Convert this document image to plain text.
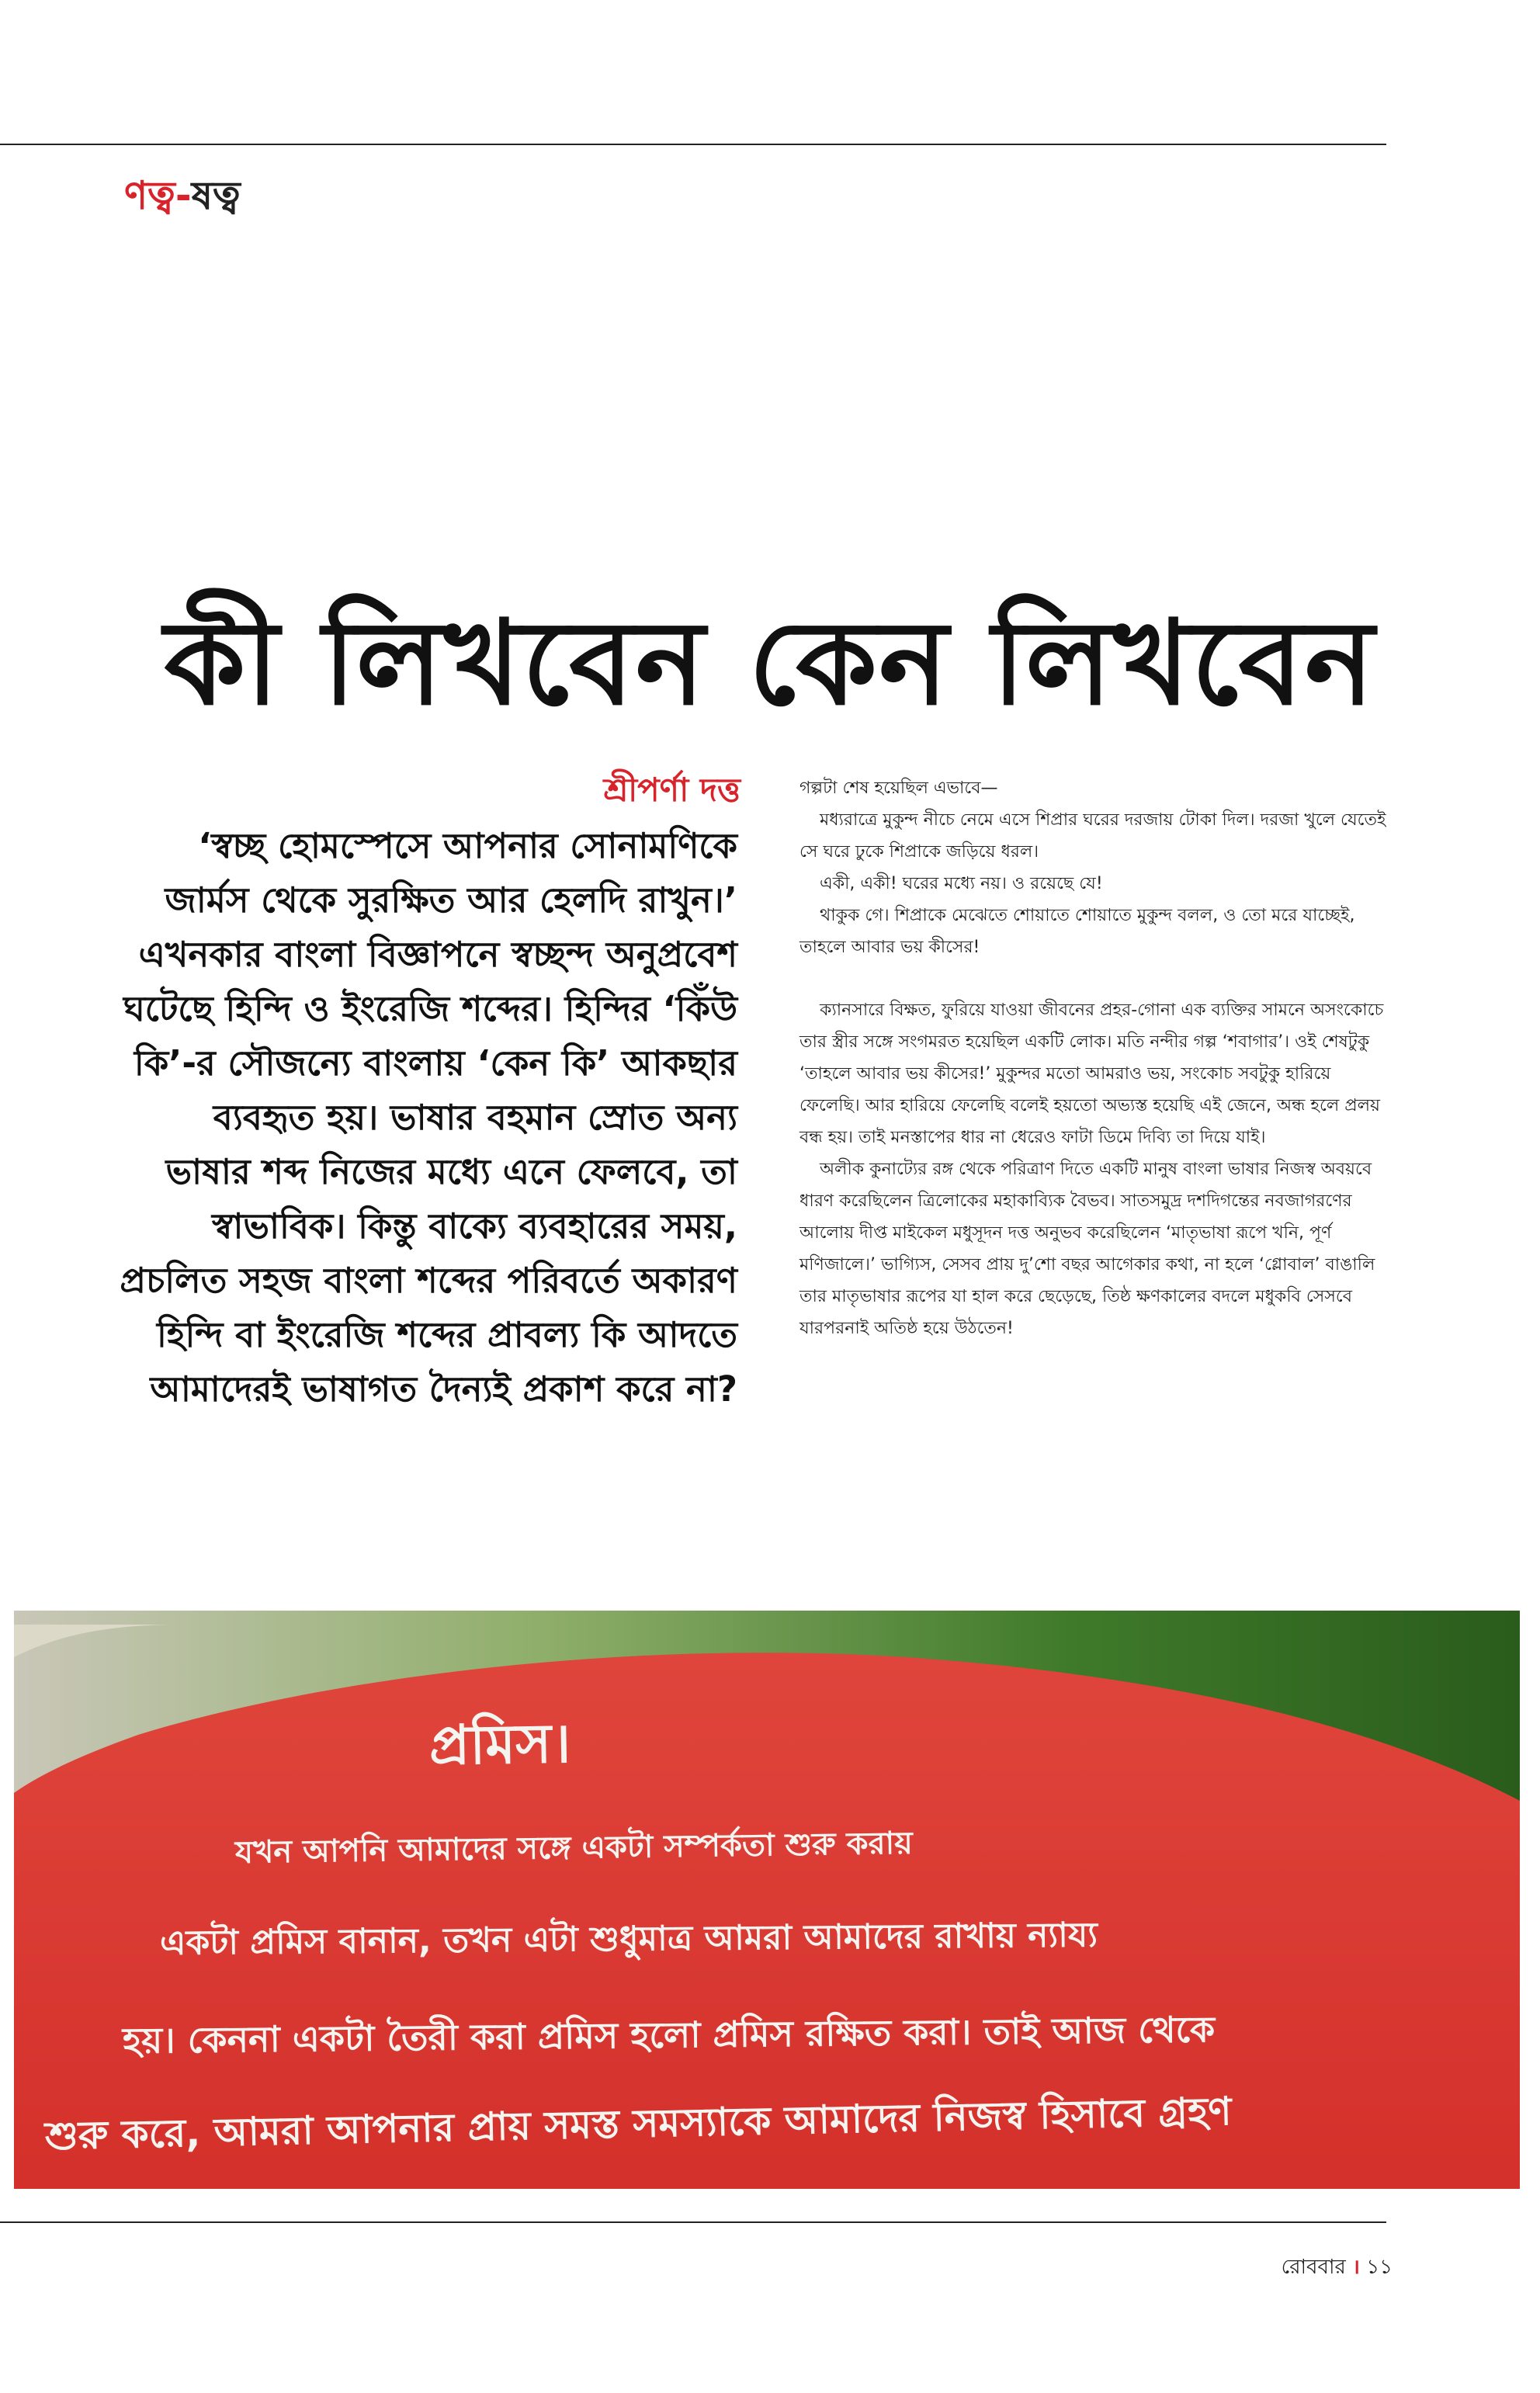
ণত্ব-ষত্ব
কী লিখবেন কেন লিখবেন
শ্রীপর্ণা দত্ত
‘স্বচ্ছ হোমস্পেসে আপনার সোনামণিকে জার্মস থেকে সুরক্ষিত আর হেলদি রাখুন।’ এখনকার বাংলা বিজ্ঞাপনে স্বচ্ছন্দ অনুপ্রবেশ ঘটেছে হিন্দি ও ইংরেজি শব্দের। হিন্দির ‘কিঁউ কি’-র সৌজন্যে বাংলায় ‘কেন কি’ আকছার ব্যবহৃত হয়। ভাষার বহমান স্রোত অন্য ভাষার শব্দ নিজের মধ্যে এনে ফেলবে, তা স্বাভাবিক। কিন্তু বাক্যে ব্যবহারের সময়, প্রচলিত সহজ বাংলা শব্দের পরিবর্তে অকারণ হিন্দি বা ইংরেজি শব্দের প্রাবল্য কি আদতে আমাদেরই ভাষাগত দৈন্যই প্রকাশ করে না?

গল্পটা শেষ হয়েছিল এভাবে—

মধ্যরাত্রে মুকুন্দ নীচে নেমে এসে শিপ্রার ঘরের দরজায় টোকা দিল। দরজা খুলে যেতেই সে ঘরে ঢুকে শিপ্রাকে জড়িয়ে ধরল।

একী, একী! ঘরের মধ্যে নয়। ও রয়েছে যে!

থাকুক গে। শিপ্রাকে মেঝেতে শোয়াতে শোয়াতে মুকুন্দ বলল, ও তো মরে যাচ্ছেই, তাহলে আবার ভয় কীসের!

ক্যানসারে বিক্ষত, ফুরিয়ে যাওয়া জীবনের প্রহর-গোনা এক ব্যক্তির সামনে অসংকোচে তার স্ত্রীর সঙ্গে সংগমরত হয়েছিল একটি লোক। মতি নন্দীর গল্প ‘শবাগার’। ওই শেষটুকু ‘তাহলে আবার ভয় কীসের!’ মুকুন্দর মতো আমরাও ভয়, সংকোচ সবটুকু হারিয়ে ফেলেছি। আর হারিয়ে ফেলেছি বলেই হয়তো অভ্যস্ত হয়েছি এই জেনে, অন্ধ হলে প্রলয় বন্ধ হয়। তাই মনস্তাপের ধার না ধেরেও ফাটা ডিমে দিব্যি তা দিয়ে যাই।

অলীক কুনাট্যের রঙ্গ থেকে পরিত্রাণ দিতে একটি মানুষ বাংলা ভাষার নিজস্ব অবয়বে ধারণ করেছিলেন ত্রিলোকের মহাকাব্যিক বৈভব। সাতসমুদ্র দশদিগন্তের নবজাগরণের আলোয় দীপ্ত মাইকেল মধুসূদন দত্ত অনুভব করেছিলেন ‘মাতৃভাষা রূপে খনি, পূর্ণ মণিজালে।’ ভাগ্যিস, সেসব প্রায় দু’শো বছর আগেকার কথা, না হলে ‘গ্লোবাল’ বাঙালি তার মাতৃভাষার রূপের যা হাল করে ছেড়েছে, তিষ্ঠ ক্ষণকালের বদলে মধুকবি সেসবে যারপরনাই অতিষ্ঠ হয়ে উঠতেন!

প্রমিস।
যখন আপনি আমাদের সঙ্গে একটা সম্পর্কতা শুরু করায়
একটা প্রমিস বানান, তখন এটা শুধুমাত্র আমরা আমাদের রাখায় ন্যায্য
হয়। কেননা একটা তৈরী করা প্রমিস হলো প্রমিস রক্ষিত করা। তাই আজ থেকে
শুরু করে, আমরা আপনার প্রায় সমস্ত সমস্যাকে আমাদের নিজস্ব হিসাবে গ্রহণ
রোববার । ১১
